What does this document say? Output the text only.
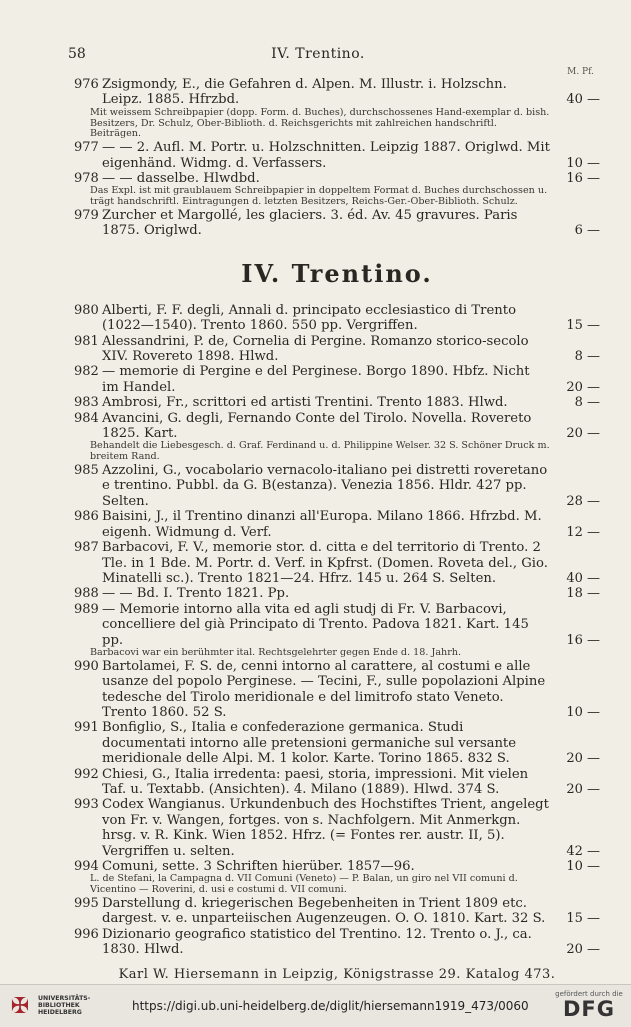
58	IV. Trentino.
M. Pf.
976 Zsigmondy, E., die Gefahren d. Alpen. M. Illustr. i. Holzschn. Leipz. 1885. Hfrzbd.	40 —
Mit weissem Schreibpapier (dopp. Form. d. Buches), durchschossenes Hand-exemplar d. bish. Besitzers, Dr. Schulz, Ober-Biblioth. d. Reichsgerichts mit zahlreichen handschriftl. Beiträgen.
977 — — 2. Aufl. M. Portr. u. Holzschnitten. Leipzig 1887. Origlwd. Mit eigenhänd. Widmg. d. Verfassers.	10 —
978 — — dasselbe. Hlwdbd.	16 —
Das Expl. ist mit graublauem Schreibpapier in doppeltem Format d. Buches durchschossen u. trägt handschriftl. Eintragungen d. letzten Besitzers, Reichs-Ger.-Ober-Biblioth. Schulz.
979 Zurcher et Margollé, les glaciers. 3. éd. Av. 45 gravures. Paris 1875. Origlwd.	6 —
IV. Trentino.
980 Alberti, F. F. degli, Annali d. principato ecclesiastico di Trento (1022—1540). Trento 1860. 550 pp. Vergriffen.	15 —
981 Alessandrini, P. de, Cornelia di Pergine. Romanzo storico-secolo XIV. Rovereto 1898. Hlwd.	8 —
982 — memorie di Pergine e del Perginese. Borgo 1890. Hbfz. Nicht im Handel.	20 —
983 Ambrosi, Fr., scrittori ed artisti Trentini. Trento 1883. Hlwd.	8 —
984 Avancini, G. degli, Fernando Conte del Tirolo. Novella. Rovereto 1825. Kart.	20 —
Behandelt die Liebesgesch. d. Graf. Ferdinand u. d. Philippine Welser. 32 S. Schöner Druck m. breitem Rand.
985 Azzolini, G., vocabolario vernacolo-italiano pei distretti roveretano e trentino. Pubbl. da G. B(estanza). Venezia 1856. Hldr. 427 pp. Selten.	28 —
986 Baisini, J., il Trentino dinanzi all'Europa. Milano 1866. Hfrzbd. M. eigenh. Widmung d. Verf.	12 —
987 Barbacovi, F. V., memorie stor. d. citta e del territorio di Trento. 2 Tle. in 1 Bde. M. Portr. d. Verf. in Kpfrst. (Domen. Roveta del., Gio. Minatelli sc.). Trento 1821—24. Hfrz. 145 u. 264 S. Selten.	40 —
988 — — Bd. I. Trento 1821. Pp.	18 —
989 — Memorie intorno alla vita ed agli studj di Fr. V. Barbacovi, concelliere del già Principato di Trento. Padova 1821. Kart. 145 pp.	16 —
Barbacovi war ein berühmter ital. Rechtsgelehrter gegen Ende d. 18. Jahrh.
990 Bartolamei, F. S. de, cenni intorno al carattere, al costumi e alle usanze del popolo Perginese. — Tecini, F., sulle popolazioni Alpine tedesche del Tirolo meridionale e del limitrofo stato Veneto. Trento 1860. 52 S.	10 —
991 Bonfiglio, S., Italia e confederazione germanica. Studi documentati intorno alle pretensioni germaniche sul versante meridionale delle Alpi. M. 1 kolor. Karte. Torino 1865. 832 S.	20 —
992 Chiesi, G., Italia irredenta: paesi, storia, impressioni. Mit vielen Taf. u. Textabb. (Ansichten). 4. Milano (1889). Hlwd. 374 S.	20 —
993 Codex Wangianus. Urkundenbuch des Hochstiftes Trient, angelegt von Fr. v. Wangen, fortges. von s. Nachfolgern. Mit Anmerkgn. hrsg. v. R. Kink. Wien 1852. Hfrz. (= Fontes rer. austr. II, 5). Vergriffen u. selten.	42 —
994 Comuni, sette. 3 Schriften hierüber. 1857—96.	10 —
L. de Stefani, la Campagna d. VII Comuni (Veneto) — P. Balan, un giro nel VII comuni d. Vicentino — Roverini, d. usi e costumi d. VII comuni.
995 Darstellung d. kriegerischen Begebenheiten in Trient 1809 etc. dargest. v. e. unparteiischen Augenzeugen. O. O. 1810. Kart. 32 S.	15 —
996 Dizionario geografico statistico del Trentino. 12. Trento o. J., ca. 1830. Hlwd.	20 —
Karl W. Hiersemann in Leipzig, Königstrasse 29. Katalog 473.
✠	UNIVERSITÄTS-
BIBLIOTHEK
HEIDELBERG	https://digi.ub.uni-heidelberg.de/diglit/hiersemann1919_473/0060
gefördert durch die
DFG
